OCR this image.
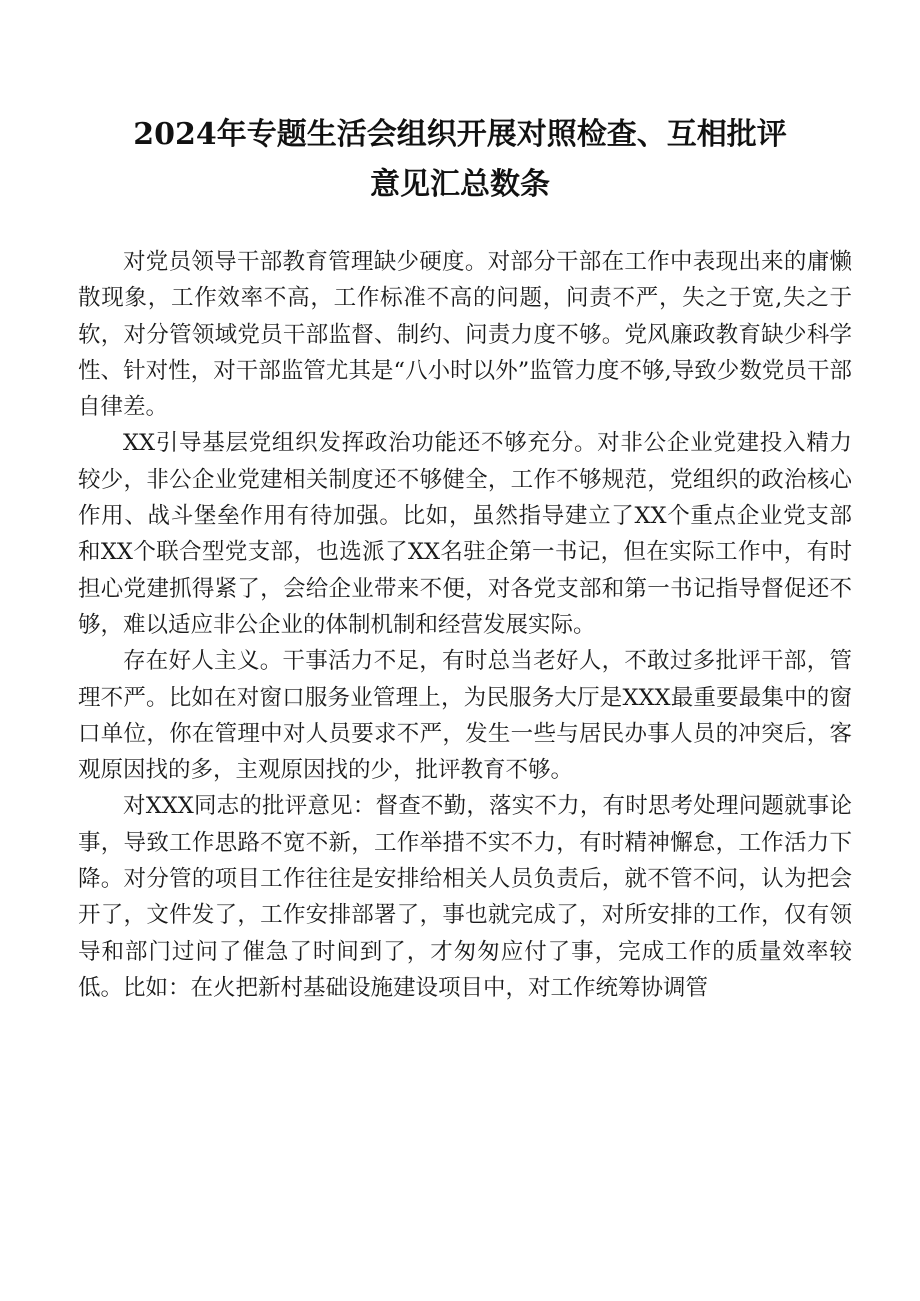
2024年专题生活会组织开展对照检查、互相批评
意见汇总数条

对党员领导干部教育管理缺少硬度。对部分干部在工作中表现出来的庸懒散现象，工作效率不高，工作标准不高的问题，问责不严，失之于宽,失之于软，对分管领域党员干部监督、制约、问责力度不够。党风廉政教育缺少科学性、针对性，对干部监管尤其是“八小时以外”监管力度不够,导致少数党员干部自律差。

XX引导基层党组织发挥政治功能还不够充分。对非公企业党建投入精力较少，非公企业党建相关制度还不够健全，工作不够规范，党组织的政治核心作用、战斗堡垒作用有待加强。比如，虽然指导建立了XX个重点企业党支部和XX个联合型党支部，也选派了XX名驻企第一书记，但在实际工作中，有时担心党建抓得紧了，会给企业带来不便，对各党支部和第一书记指导督促还不够，难以适应非公企业的体制机制和经营发展实际。

存在好人主义。干事活力不足，有时总当老好人，不敢过多批评干部，管理不严。比如在对窗口服务业管理上，为民服务大厅是XXX最重要最集中的窗口单位，你在管理中对人员要求不严，发生一些与居民办事人员的冲突后，客观原因找的多，主观原因找的少，批评教育不够。

对XXX同志的批评意见：督查不勤，落实不力，有时思考处理问题就事论事，导致工作思路不宽不新，工作举措不实不力，有时精神懈怠，工作活力下降。对分管的项目工作往往是安排给相关人员负责后，就不管不问，认为把会开了，文件发了，工作安排部署了，事也就完成了，对所安排的工作，仅有领导和部门过问了催急了时间到了，才匆匆应付了事，完成工作的质量效率较低。比如：在火把新村基础设施建设项目中，对工作统筹协调管
